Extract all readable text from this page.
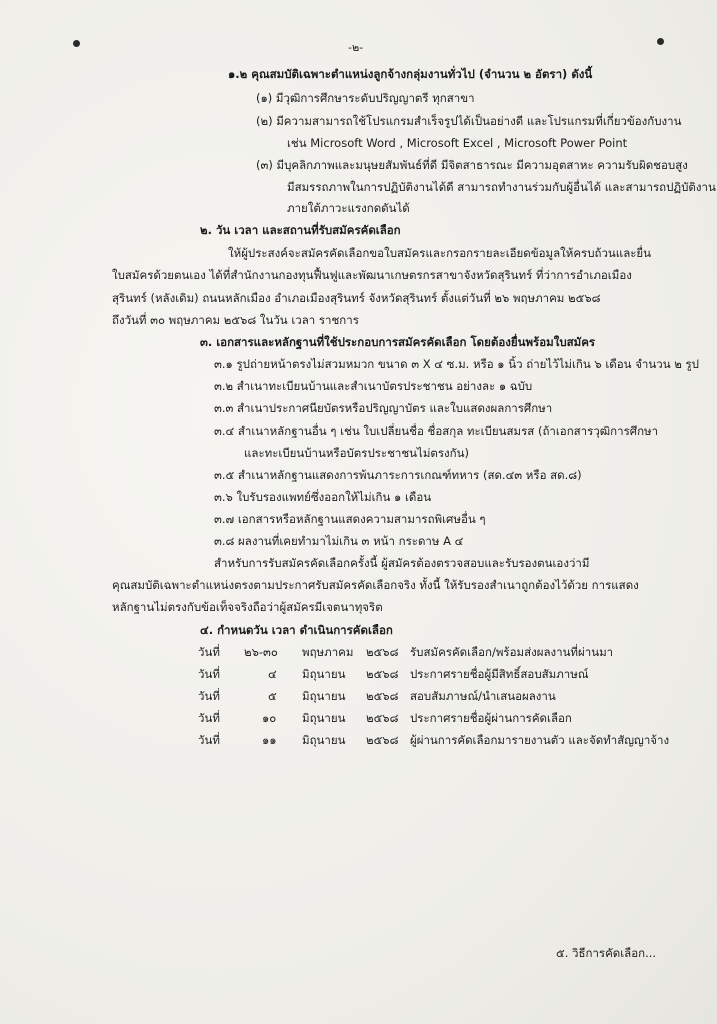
-๒-
๑.๒ คุณสมบัติเฉพาะตำแหน่งลูกจ้างกลุ่มงานทั่วไป (จำนวน ๒ อัตรา) ดังนี้
(๑) มีวุฒิการศึกษาระดับปริญญาตรี ทุกสาขา
(๒) มีความสามารถใช้โปรแกรมสำเร็จรูปได้เป็นอย่างดี และโปรแกรมที่เกี่ยวข้องกับงาน
เช่น Microsoft Word , Microsoft Excel , Microsoft Power Point
(๓) มีบุคลิกภาพและมนุษยสัมพันธ์ที่ดี มีจิตสาธารณะ มีความอุตสาหะ ความรับผิดชอบสูง
มีสมรรถภาพในการปฏิบัติงานได้ดี สามารถทำงานร่วมกับผู้อื่นได้ และสามารถปฏิบัติงาน
ภายใต้ภาวะแรงกดดันได้
๒. วัน เวลา และสถานที่รับสมัครคัดเลือก
ให้ผู้ประสงค์จะสมัครคัดเลือกขอใบสมัครและกรอกรายละเอียดข้อมูลให้ครบถ้วนและยื่น
ใบสมัครด้วยตนเอง ได้ที่สำนักงานกองทุนฟื้นฟูและพัฒนาเกษตรกรสาขาจังหวัดสุรินทร์ ที่ว่าการอำเภอเมือง
สุรินทร์ (หลังเดิม) ถนนหลักเมือง อำเภอเมืองสุรินทร์ จังหวัดสุรินทร์ ตั้งแต่วันที่ ๒๖ พฤษภาคม ๒๕๖๘
ถึงวันที่ ๓๐ พฤษภาคม ๒๕๖๘ ในวัน เวลา ราชการ
๓. เอกสารและหลักฐานที่ใช้ประกอบการสมัครคัดเลือก โดยต้องยื่นพร้อมใบสมัคร
๓.๑ รูปถ่ายหน้าตรงไม่สวมหมวก ขนาด ๓ X ๔ ซ.ม. หรือ ๑ นิ้ว ถ่ายไว้ไม่เกิน ๖ เดือน จำนวน ๒ รูป
๓.๒ สำเนาทะเบียนบ้านและสำเนาบัตรประชาชน อย่างละ ๑ ฉบับ
๓.๓ สำเนาประกาศนียบัตรหรือปริญญาบัตร และใบแสดงผลการศึกษา
๓.๔ สำเนาหลักฐานอื่น ๆ เช่น ใบเปลี่ยนชื่อ ชื่อสกุล ทะเบียนสมรส (ถ้าเอกสารวุฒิการศึกษา
และทะเบียนบ้านหรือบัตรประชาชนไม่ตรงกัน)
๓.๕ สำเนาหลักฐานแสดงการพ้นภาระการเกณฑ์ทหาร (สด.๔๓ หรือ สด.๘)
๓.๖ ใบรับรองแพทย์ซึ่งออกให้ไม่เกิน ๑ เดือน
๓.๗ เอกสารหรือหลักฐานแสดงความสามารถพิเศษอื่น ๆ
๓.๘ ผลงานที่เคยทำมาไม่เกิน ๓ หน้า กระดาษ A ๔
สำหรับการรับสมัครคัดเลือกครั้งนี้ ผู้สมัครต้องตรวจสอบและรับรองตนเองว่ามี
คุณสมบัติเฉพาะตำแหน่งตรงตามประกาศรับสมัครคัดเลือกจริง ทั้งนี้ ให้รับรองสำเนาถูกต้องไว้ด้วย การแสดง
หลักฐานไม่ตรงกับข้อเท็จจริงถือว่าผู้สมัครมีเจตนาทุจริต
๔. กำหนดวัน เวลา ดำเนินการคัดเลือก
วันที่ ๒๖-๓๐ พฤษภาคม ๒๕๖๘ รับสมัครคัดเลือก/พร้อมส่งผลงานที่ผ่านมา
วันที่	๔ มิถุนายน ๒๕๖๘ ประกาศรายชื่อผู้มีสิทธิ์สอบสัมภาษณ์
วันที่	๕ มิถุนายน ๒๕๖๘ สอบสัมภาษณ์/นำเสนอผลงาน
วันที่	๑๐ มิถุนายน ๒๕๖๘ ประกาศรายชื่อผู้ผ่านการคัดเลือก
วันที่	๑๑ มิถุนายน ๒๕๖๘ ผู้ผ่านการคัดเลือกมารายงานตัว และจัดทำสัญญาจ้าง
๕. วิธีการคัดเลือก...
